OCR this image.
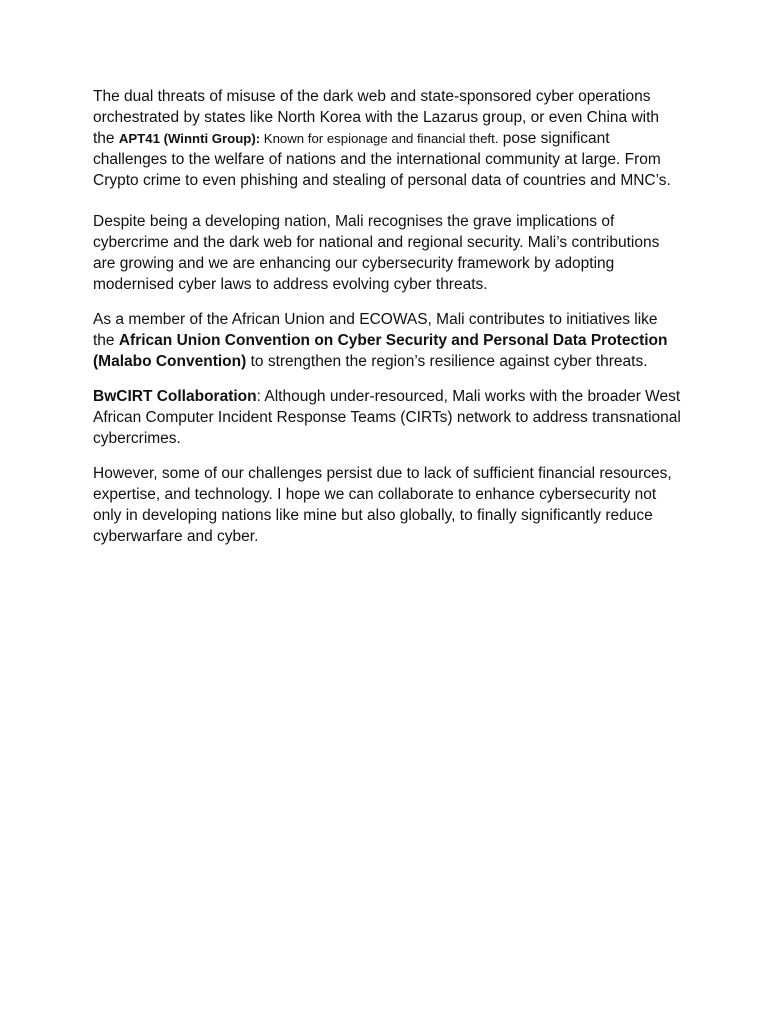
The dual threats of misuse of the dark web and state-sponsored cyber operations orchestrated by states like North Korea with the Lazarus group, or even China with the APT41 (Winnti Group): Known for espionage and financial theft. pose significant challenges to the welfare of nations and the international community at large. From Crypto crime to even phishing and stealing of personal data of countries and MNC’s.

Despite being a developing nation, Mali recognises the grave implications of cybercrime and the dark web for national and regional security. Mali’s contributions are growing and we are enhancing our cybersecurity framework by adopting modernised cyber laws to address evolving cyber threats.

As a member of the African Union and ECOWAS, Mali contributes to initiatives like the African Union Convention on Cyber Security and Personal Data Protection (Malabo Convention) to strengthen the region’s resilience against cyber threats.

BwCIRT Collaboration: Although under-resourced, Mali works with the broader West African Computer Incident Response Teams (CIRTs) network to address transnational cybercrimes.

However, some of our challenges persist due to lack of sufficient financial resources, expertise, and technology. I hope we can collaborate to enhance cybersecurity not only in developing nations like mine but also globally, to finally significantly reduce cyberwarfare and cyber.
